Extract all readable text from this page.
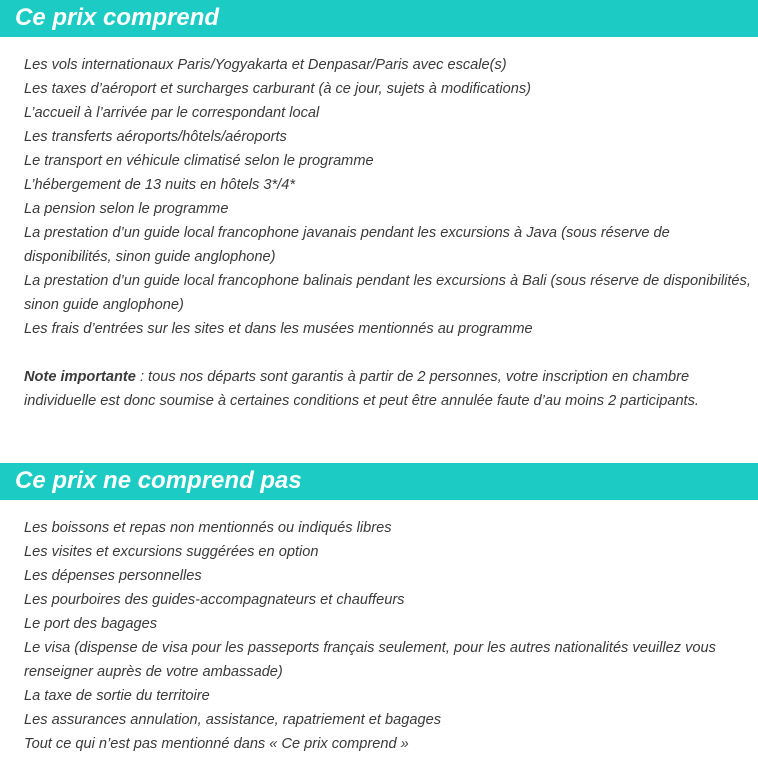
Ce prix comprend

Les vols internationaux Paris/Yogyakarta et Denpasar/Paris avec escale(s)

Les taxes d’aéroport et surcharges carburant (à ce jour, sujets à modifications)

L’accueil à l’arrivée par le correspondant local

Les transferts aéroports/hôtels/aéroports

Le transport en véhicule climatisé selon le programme

L’hébergement de 13 nuits en hôtels 3*/4*

La pension selon le programme

La prestation d’un guide local francophone javanais pendant les excursions à Java (sous réserve de disponibilités, sinon guide anglophone)

La prestation d’un guide local francophone balinais pendant les excursions à Bali (sous réserve de disponibilités, sinon guide anglophone)

Les frais d’entrées sur les sites et dans les musées mentionnés au programme

Note importante : tous nos départs sont garantis à partir de 2 personnes, votre inscription en chambre individuelle est donc soumise à certaines conditions et peut être annulée faute d’au moins 2 participants.

Ce prix ne comprend pas

Les boissons et repas non mentionnés ou indiqués libres

Les visites et excursions suggérées en option

Les dépenses personnelles

Les pourboires des guides-accompagnateurs et chauffeurs

Le port des bagages

Le visa (dispense de visa pour les passeports français seulement, pour les autres nationalités veuillez vous renseigner auprès de votre ambassade)

La taxe de sortie du territoire

Les assurances annulation, assistance, rapatriement et bagages

Tout ce qui n’est pas mentionné dans « Ce prix comprend »
